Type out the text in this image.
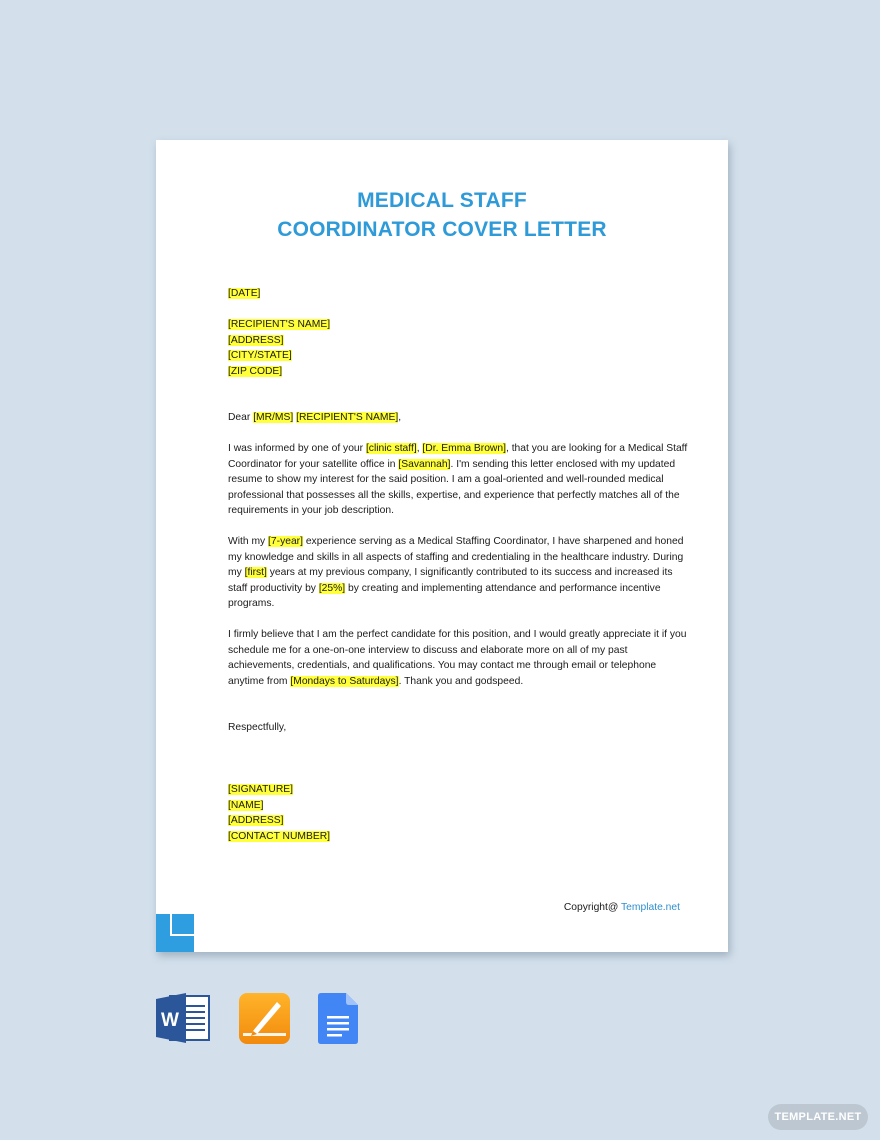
MEDICAL STAFF
COORDINATOR COVER LETTER

[DATE]

[RECIPIENT'S NAME]

[ADDRESS]

[CITY/STATE]

[ZIP CODE]

Dear [MR/MS] [RECIPIENT'S NAME],

I was informed by one of your [clinic staff], [Dr. Emma Brown], that you are looking for a Medical Staff Coordinator for your satellite office in [Savannah]. I'm sending this letter enclosed with my updated resume to show my interest for the said position. I am a goal-oriented and well-rounded medical professional that possesses all the skills, expertise, and experience that perfectly matches all of the requirements in your job description.

With my [7-year] experience serving as a Medical Staffing Coordinator, I have sharpened and honed my knowledge and skills in all aspects of staffing and credentialing in the healthcare industry. During my [first] years at my previous company, I significantly contributed to its success and increased its staff productivity by [25%] by creating and implementing attendance and performance incentive programs.

I firmly believe that I am the perfect candidate for this position, and I would greatly appreciate it if you schedule me for a one-on-one interview to discuss and elaborate more on all of my past achievements, credentials, and qualifications. You may contact me through email or telephone anytime from [Mondays to Saturdays]. Thank you and godspeed.

Respectfully,

[SIGNATURE]

[NAME]

[ADDRESS]

[CONTACT NUMBER]

Copyright@ Template.net
W
TEMPLATE.NET
